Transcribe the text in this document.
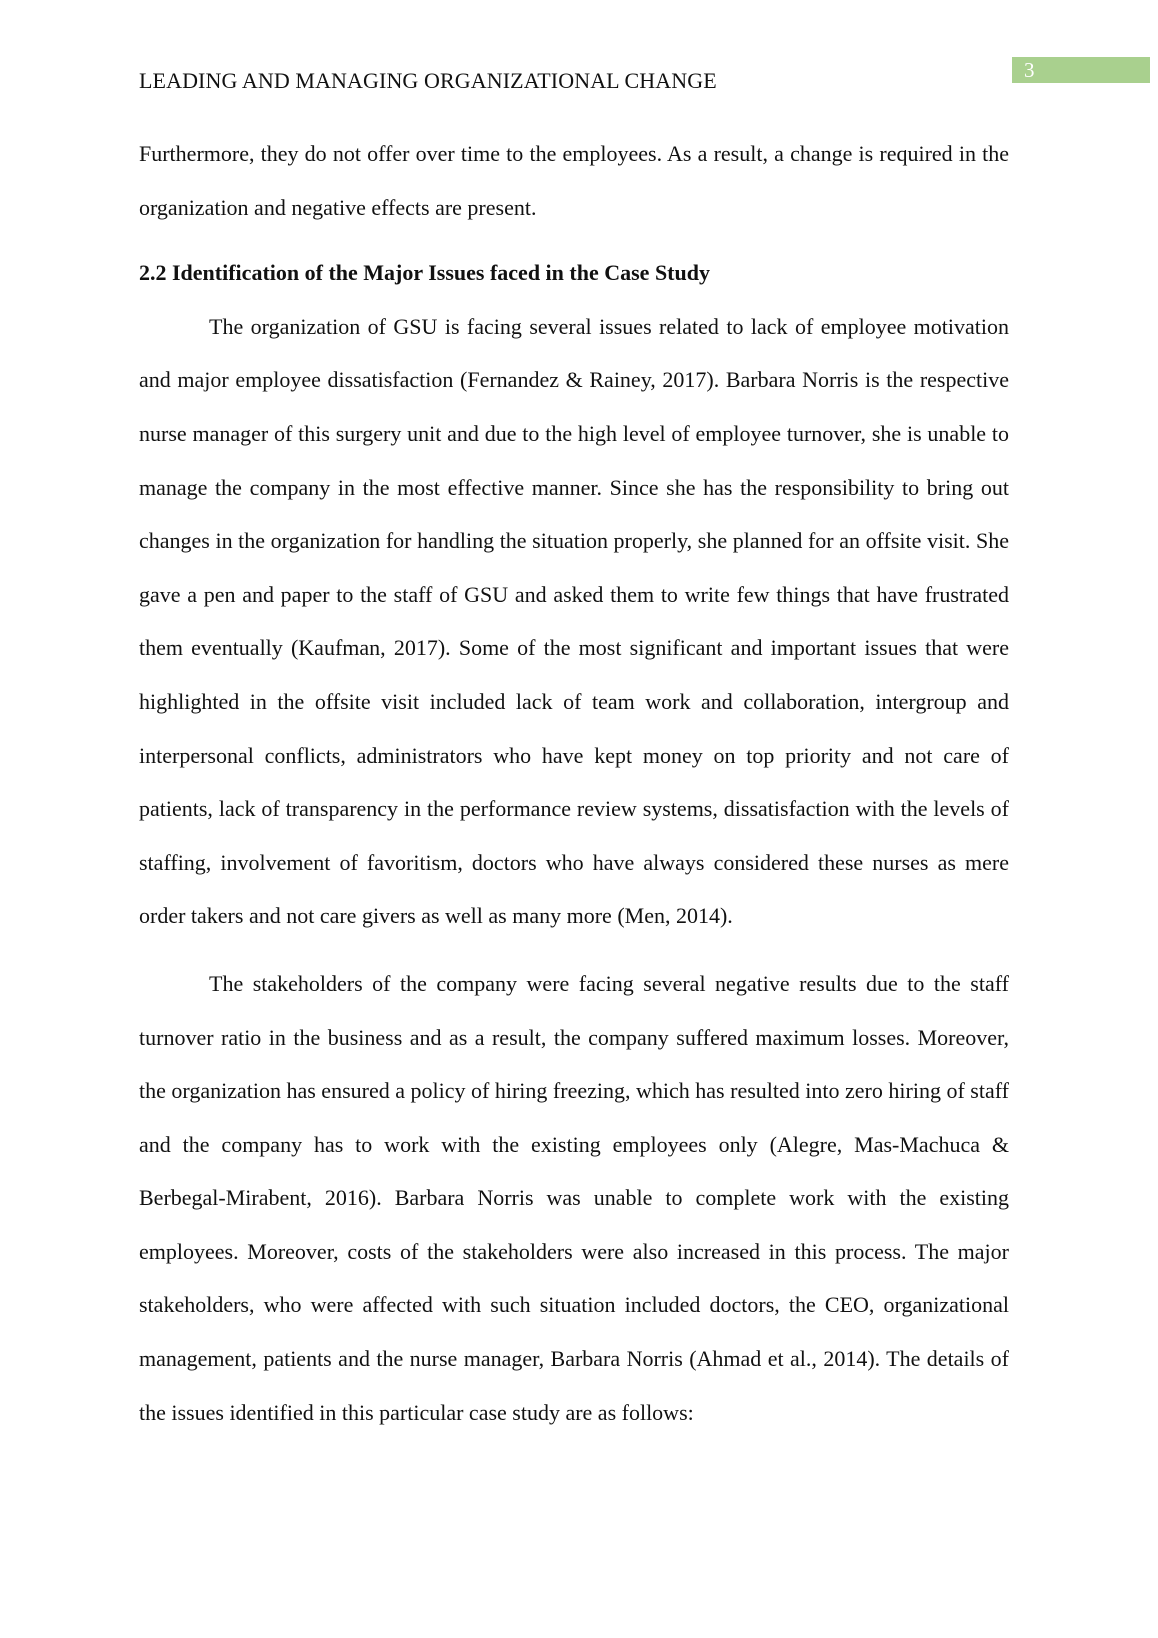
3
LEADING AND MANAGING ORGANIZATIONAL CHANGE

Furthermore, they do not offer over time to the employees. As a result, a change is required in the organization and negative effects are present.

2.2 Identification of the Major Issues faced in the Case Study

The organization of GSU is facing several issues related to lack of employee motivation and major employee dissatisfaction (Fernandez & Rainey, 2017). Barbara Norris is the respective nurse manager of this surgery unit and due to the high level of employee turnover, she is unable to manage the company in the most effective manner. Since she has the responsibility to bring out changes in the organization for handling the situation properly, she planned for an offsite visit. She gave a pen and paper to the staff of GSU and asked them to write few things that have frustrated them eventually (Kaufman, 2017). Some of the most significant and important issues that were highlighted in the offsite visit included lack of team work and collaboration, intergroup and interpersonal conflicts, administrators who have kept money on top priority and not care of patients, lack of transparency in the performance review systems, dissatisfaction with the levels of staffing, involvement of favoritism, doctors who have always considered these nurses as mere order takers and not care givers as well as many more (Men, 2014).

The stakeholders of the company were facing several negative results due to the staff turnover ratio in the business and as a result, the company suffered maximum losses. Moreover, the organization has ensured a policy of hiring freezing, which has resulted into zero hiring of staff and the company has to work with the existing employees only (Alegre, Mas-Machuca & Berbegal-Mirabent, 2016). Barbara Norris was unable to complete work with the existing employees. Moreover, costs of the stakeholders were also increased in this process. The major stakeholders, who were affected with such situation included doctors, the CEO, organizational management, patients and the nurse manager, Barbara Norris (Ahmad et al., 2014). The details of the issues identified in this particular case study are as follows:
